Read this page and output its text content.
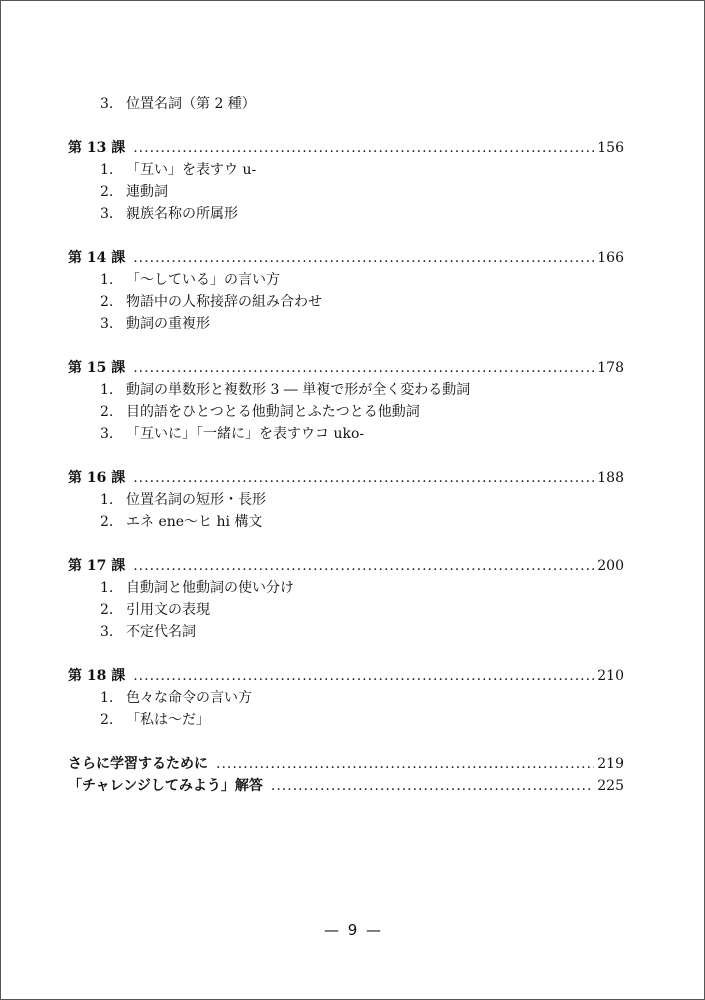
3. 位置名詞（第 2 種）
第 13 課 .....	156
1. 「互い」を表すウ u-
2. 連動詞
3. 親族名称の所属形
第 14 課 .....	166
1. 「〜している」の言い方
2. 物語中の人称接辞の組み合わせ
3. 動詞の重複形
第 15 課 .....	178
1. 動詞の単数形と複数形 3 ― 単複で形が全く変わる動詞
2. 目的語をひとつとる他動詞とふたつとる他動詞
3. 「互いに」「一緒に」を表すウコ uko-
第 16 課 .....	188
1. 位置名詞の短形・長形
2. エネ ene〜ヒ hi 構文
第 17 課 .....	200
1. 自動詞と他動詞の使い分け
2. 引用文の表現
3. 不定代名詞
第 18 課 .....	210
1. 色々な命令の言い方
2. 「私は〜だ」
さらに学習するために .....	219
「チャレンジしてみよう」解答 .....	225
— 9 —
